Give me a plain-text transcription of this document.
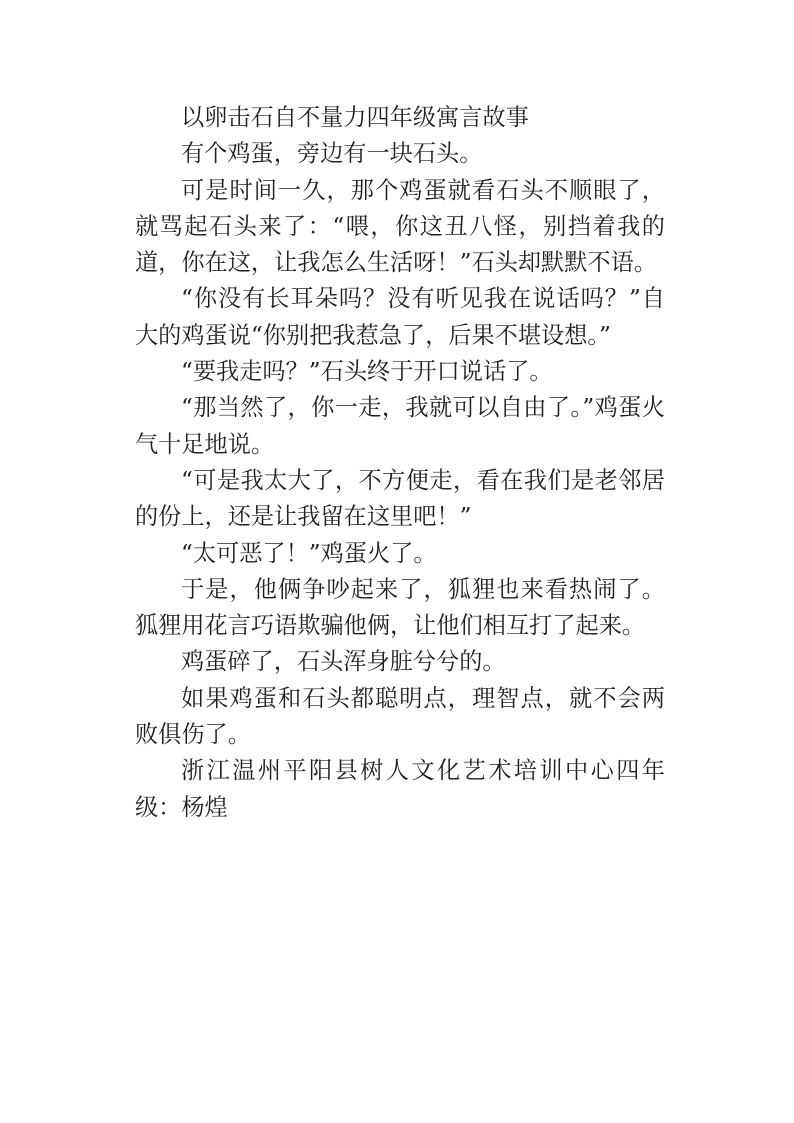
以卵击石自不量力四年级寓言故事

有个鸡蛋，旁边有一块石头。

可是时间一久，那个鸡蛋就看石头不顺眼了，就骂起石头来了：“喂，你这丑八怪，别挡着我的道，你在这，让我怎么生活呀！”石头却默默不语。

“你没有长耳朵吗？没有听见我在说话吗？”自大的鸡蛋说“你别把我惹急了，后果不堪设想。”

“要我走吗？”石头终于开口说话了。

“那当然了，你一走，我就可以自由了。”鸡蛋火气十足地说。

“可是我太大了，不方便走，看在我们是老邻居的份上，还是让我留在这里吧！”

“太可恶了！”鸡蛋火了。

于是，他俩争吵起来了，狐狸也来看热闹了。狐狸用花言巧语欺骗他俩，让他们相互打了起来。

鸡蛋碎了，石头浑身脏兮兮的。

如果鸡蛋和石头都聪明点，理智点，就不会两败俱伤了。

浙江温州平阳县树人文化艺术培训中心四年级：杨煌
